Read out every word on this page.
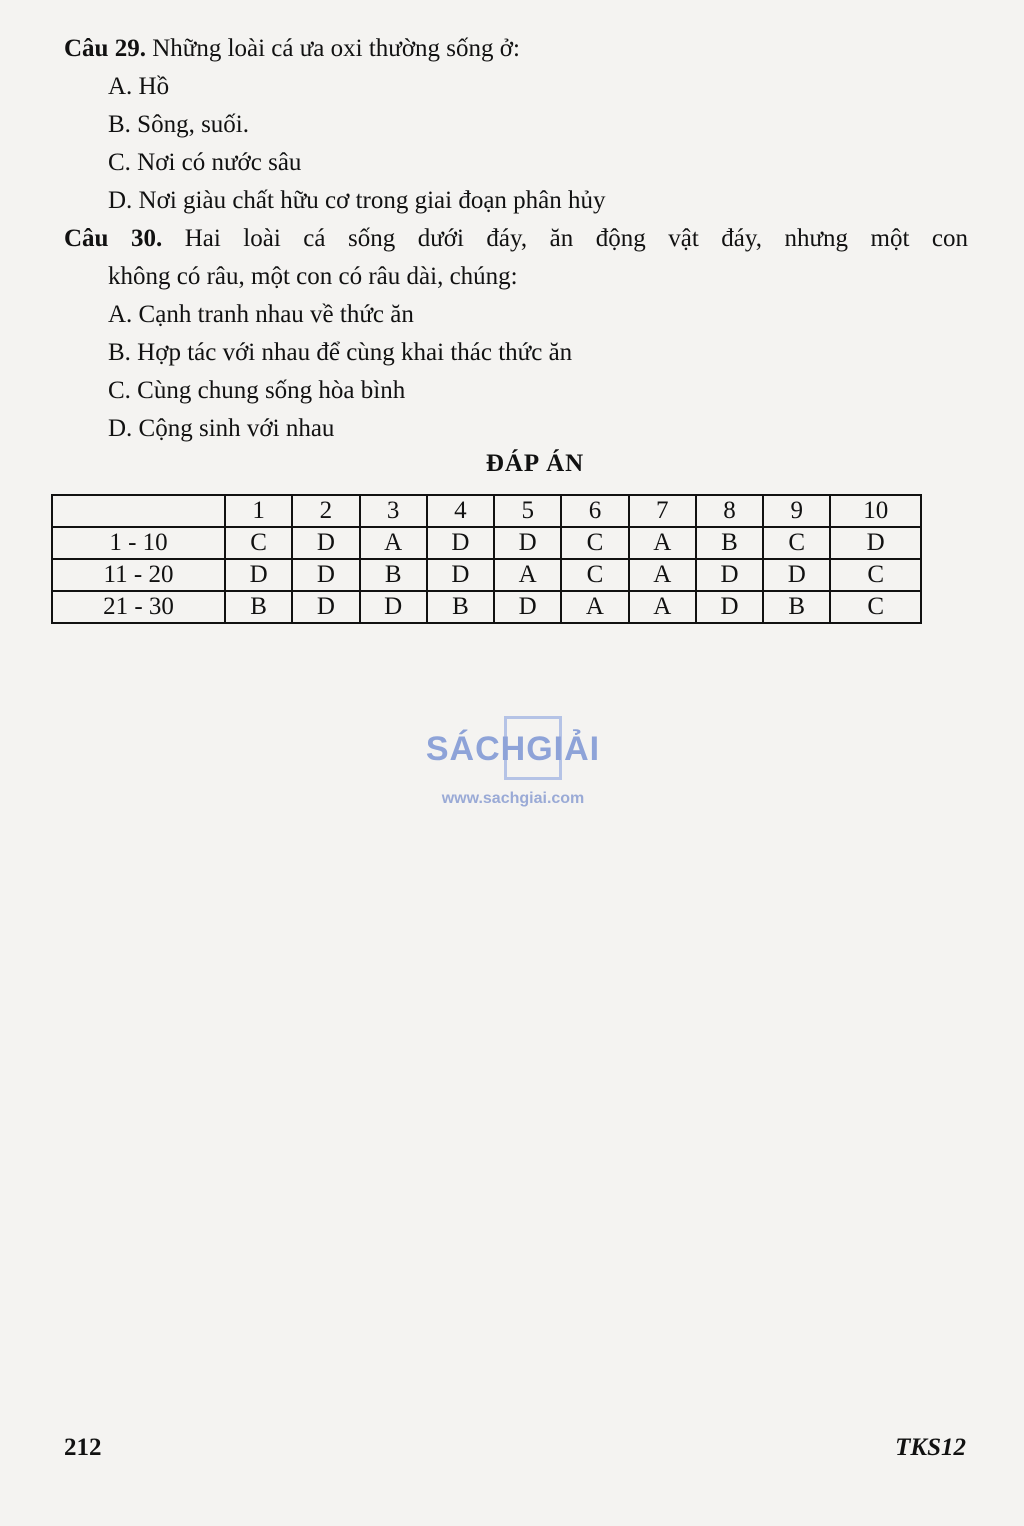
Câu 29. Những loài cá ưa oxi thường sống ở:
A. Hồ
B. Sông, suối.
C. Nơi có nước sâu
D. Nơi giàu chất hữu cơ trong giai đoạn phân hủy
Câu 30. Hai loài cá sống dưới đáy, ăn động vật đáy, nhưng một con
không có râu, một con có râu dài, chúng:
A. Cạnh tranh nhau về thức ăn
B. Hợp tác với nhau để cùng khai thác thức ăn
C. Cùng chung sống hòa bình
D. Cộng sinh với nhau
ĐÁP ÁN
	1	2	3	4	5	6	7	8	9	10
1 - 10	C	D	A	D	D	C	A	B	C	D
11 - 20	D	D	B	D	A	C	A	D	D	C
21 - 30	B	D	D	B	D	A	A	D	B	C
SÁCHGIẢI
www.sachgiai.com
212	TKS12
